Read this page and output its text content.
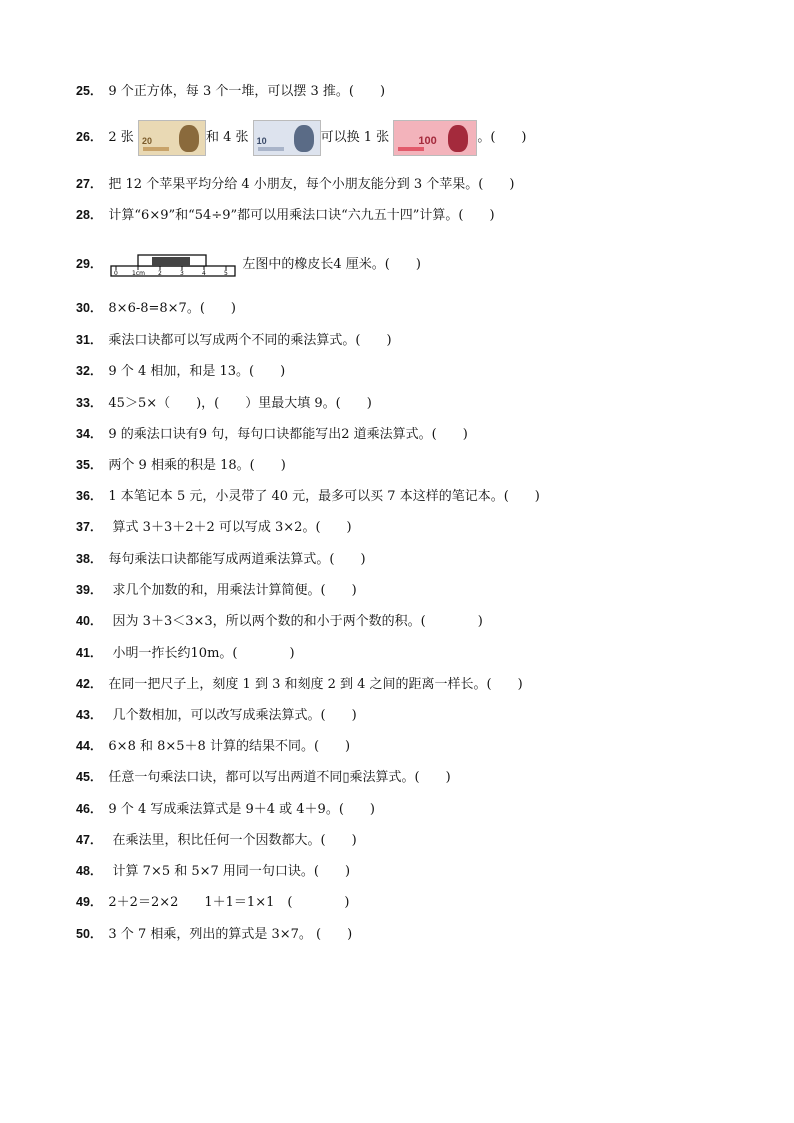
25． 9 个正方体，每 3 个一堆，可以摆 3 推。(　　)
26． 2 张 20	和 4 张 10	可以换 1 张	100	。(　　)
27． 把 12 个苹果平均分给 4 小朋友，每个小朋友能分到 3 个苹果。(　　)
28． 计算“6×9”和“54÷9”都可以用乘法口诀“六九五十四”计算。(　　)
29．
0 1cm 2	3	4	5
左图中的橡皮长4 厘米。(　　)
30． 8×6-8=8×7。(　　)
31． 乘法口诀都可以写成两个不同的乘法算式。(　　)
32． 9 个 4 相加，和是 13。(　　)
33． 45＞5×（　　)，(　　）里最大填 9。(　　)
34． 9 的乘法口诀有9 句，每句口诀都能写出2 道乘法算式。(　　)
35． 两个 9 相乘的积是 18。(　　)
36． 1 本笔记本 5 元，小灵带了 40 元，最多可以买 7 本这样的笔记本。(　　)
37． 算式 3＋3＋2＋2 可以写成 3×2。(　　)
38． 每句乘法口诀都能写成两道乘法算式。(　　)
39． 求几个加数的和，用乘法计算简便。(　　)
40． 因为 3＋3＜3×3，所以两个数的和小于两个数的积。(　　　　)
41． 小明一拃长约10m。(　　　　)
42． 在同一把尺子上，刻度 1 到 3 和刻度 2 到 4 之间的距离一样长。(　　)
43． 几个数相加，可以改写成乘法算式。(　　)
44． 6×8 和 8×5＋8 计算的结果不同。(　　)
45． 任意一句乘法口诀，都可以写出两道不同▯乘法算式。(　　)
46． 9 个 4 写成乘法算式是 9＋4 或 4＋9。(　　)
47． 在乘法里，积比任何一个因数都大。(　　)
48． 计算 7×5 和 5×7 用同一句口诀。(　　)
49． 2＋2＝2×2　　1＋1＝1×1　(　　　　)
50． 3 个 7 相乘，列出的算式是 3×7。 (　　)
